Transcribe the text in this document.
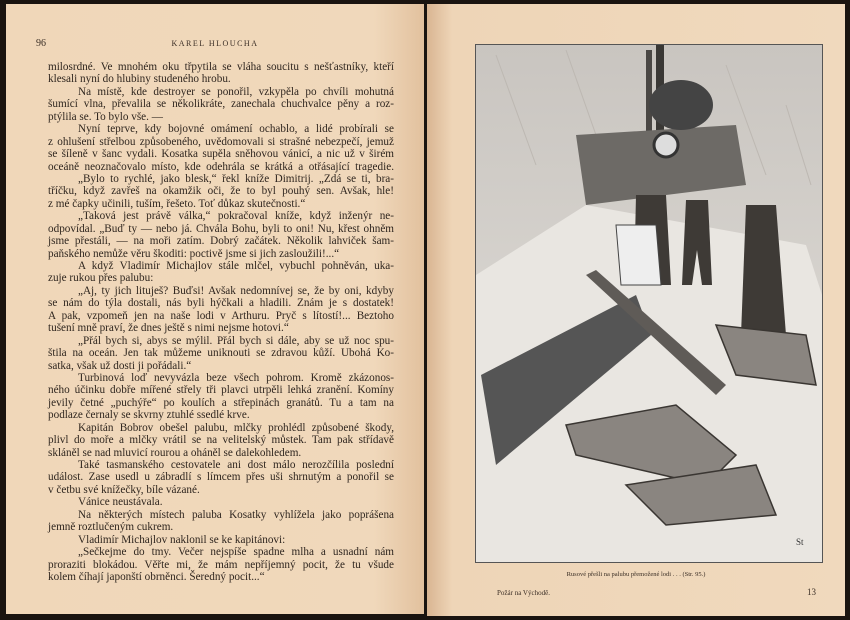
96	KAREL HLOUCHA
milosrdné. Ve mnohém oku třpytila se vláha soucitu s nešťastníky, kteří
klesali nyní do hlubiny studeného hrobu.
Na místě, kde destroyer se ponořil, vzkypěla po chvíli mohutná
šumící vlna, převalila se několikráte, zanechala chuchvalce pěny a roz-
ptýlila se. To bylo vše. —
Nyní teprve, kdy bojovné omámení ochablo, a lidé probírali se
z ohlušení střelbou způsobeného, uvědomovali si strašné nebezpečí, jemuž
se šíleně v šanc vydali. Kosatka supěla sněhovou vánicí, a nic už v širém
oceáně neoznačovalo místo, kde odehrála se krátká a otřásající tragedie.
„Bylo to rychlé, jako blesk,“ řekl kníže Dimitrij. „Zdá se ti, bra-
tříčku, když zavřeš na okamžik oči, že to byl pouhý sen. Avšak, hle!
z mé čapky učinili, tuším, řešeto. Toť důkaz skutečnosti.“
„Taková jest právě válka,“ pokračoval kníže, když inženýr ne-
odpovídal. „Buď ty — nebo já. Chvála Bohu, byli to oni! Nu, křest ohněm
jsme přestáli, — na moři zatím. Dobrý začátek. Několik lahviček šam-
paňského nemůže věru škoditi: poctivě jsme si jich zasloužili!...“
A když Vladimír Michajlov stále mlčel, vybuchl pohněván, uka-
zuje rukou přes palubu:
„Aj, ty jich lituješ? Buďsi! Avšak nedomnívej se, že by oni, kdyby
se nám do týla dostali, nás byli hýčkali a hladili. Znám je s dostatek!
A pak, vzpomeň jen na naše lodi v Arthuru. Pryč s lítostí!... Beztoho
tušení mně praví, že dnes ještě s nimi nejsme hotovi.“
„Přál bych si, abys se mýlil. Přál bych si dále, aby se už noc spu-
štila na oceán. Jen tak můžeme uniknouti se zdravou kůží. Ubohá Ko-
satka, však už dosti ji pořádali.“
Turbinová loď nevyvázla beze všech pohrom. Kromě zkázonos-
ného účinku dobře mířené střely tři plavci utrpěli lehká zranění. Komíny
jevily četné „puchýře“ po koulích a střepinách granátů. Tu a tam na
podlaze černaly se skvrny ztuhlé ssedlé krve.
Kapitán Bobrov obešel palubu, mlčky prohlédl způsobené škody,
plivl do moře a mlčky vrátil se na velitelský můstek. Tam pak střídavě
skláněl se nad mluvicí rourou a oháněl se dalekohledem.
Také tasmanského cestovatele ani dost málo nerozčílila poslední
událost. Zase usedl u zábradlí s límcem přes uši shrnutým a ponořil se
v četbu své knížečky, bíle vázané.
Vánice neustávala.
Na některých místech paluba Kosatky vyhlížela jako poprášena
jemně roztlučeným cukrem.
Vladimír Michajlov naklonil se ke kapitánovi:
„Sečkejme do tmy. Večer nejspíše spadne mlha a usnadní nám
proraziti blokádou. Věřte mi, že mám nepříjemný pocit, že tu všude
kolem číhají japonští obrněnci. Šeredný pocit...“
St
Rusové přešli na palubu přemožené lodi . . . (Str. 95.)
Požár na Východě.	13
